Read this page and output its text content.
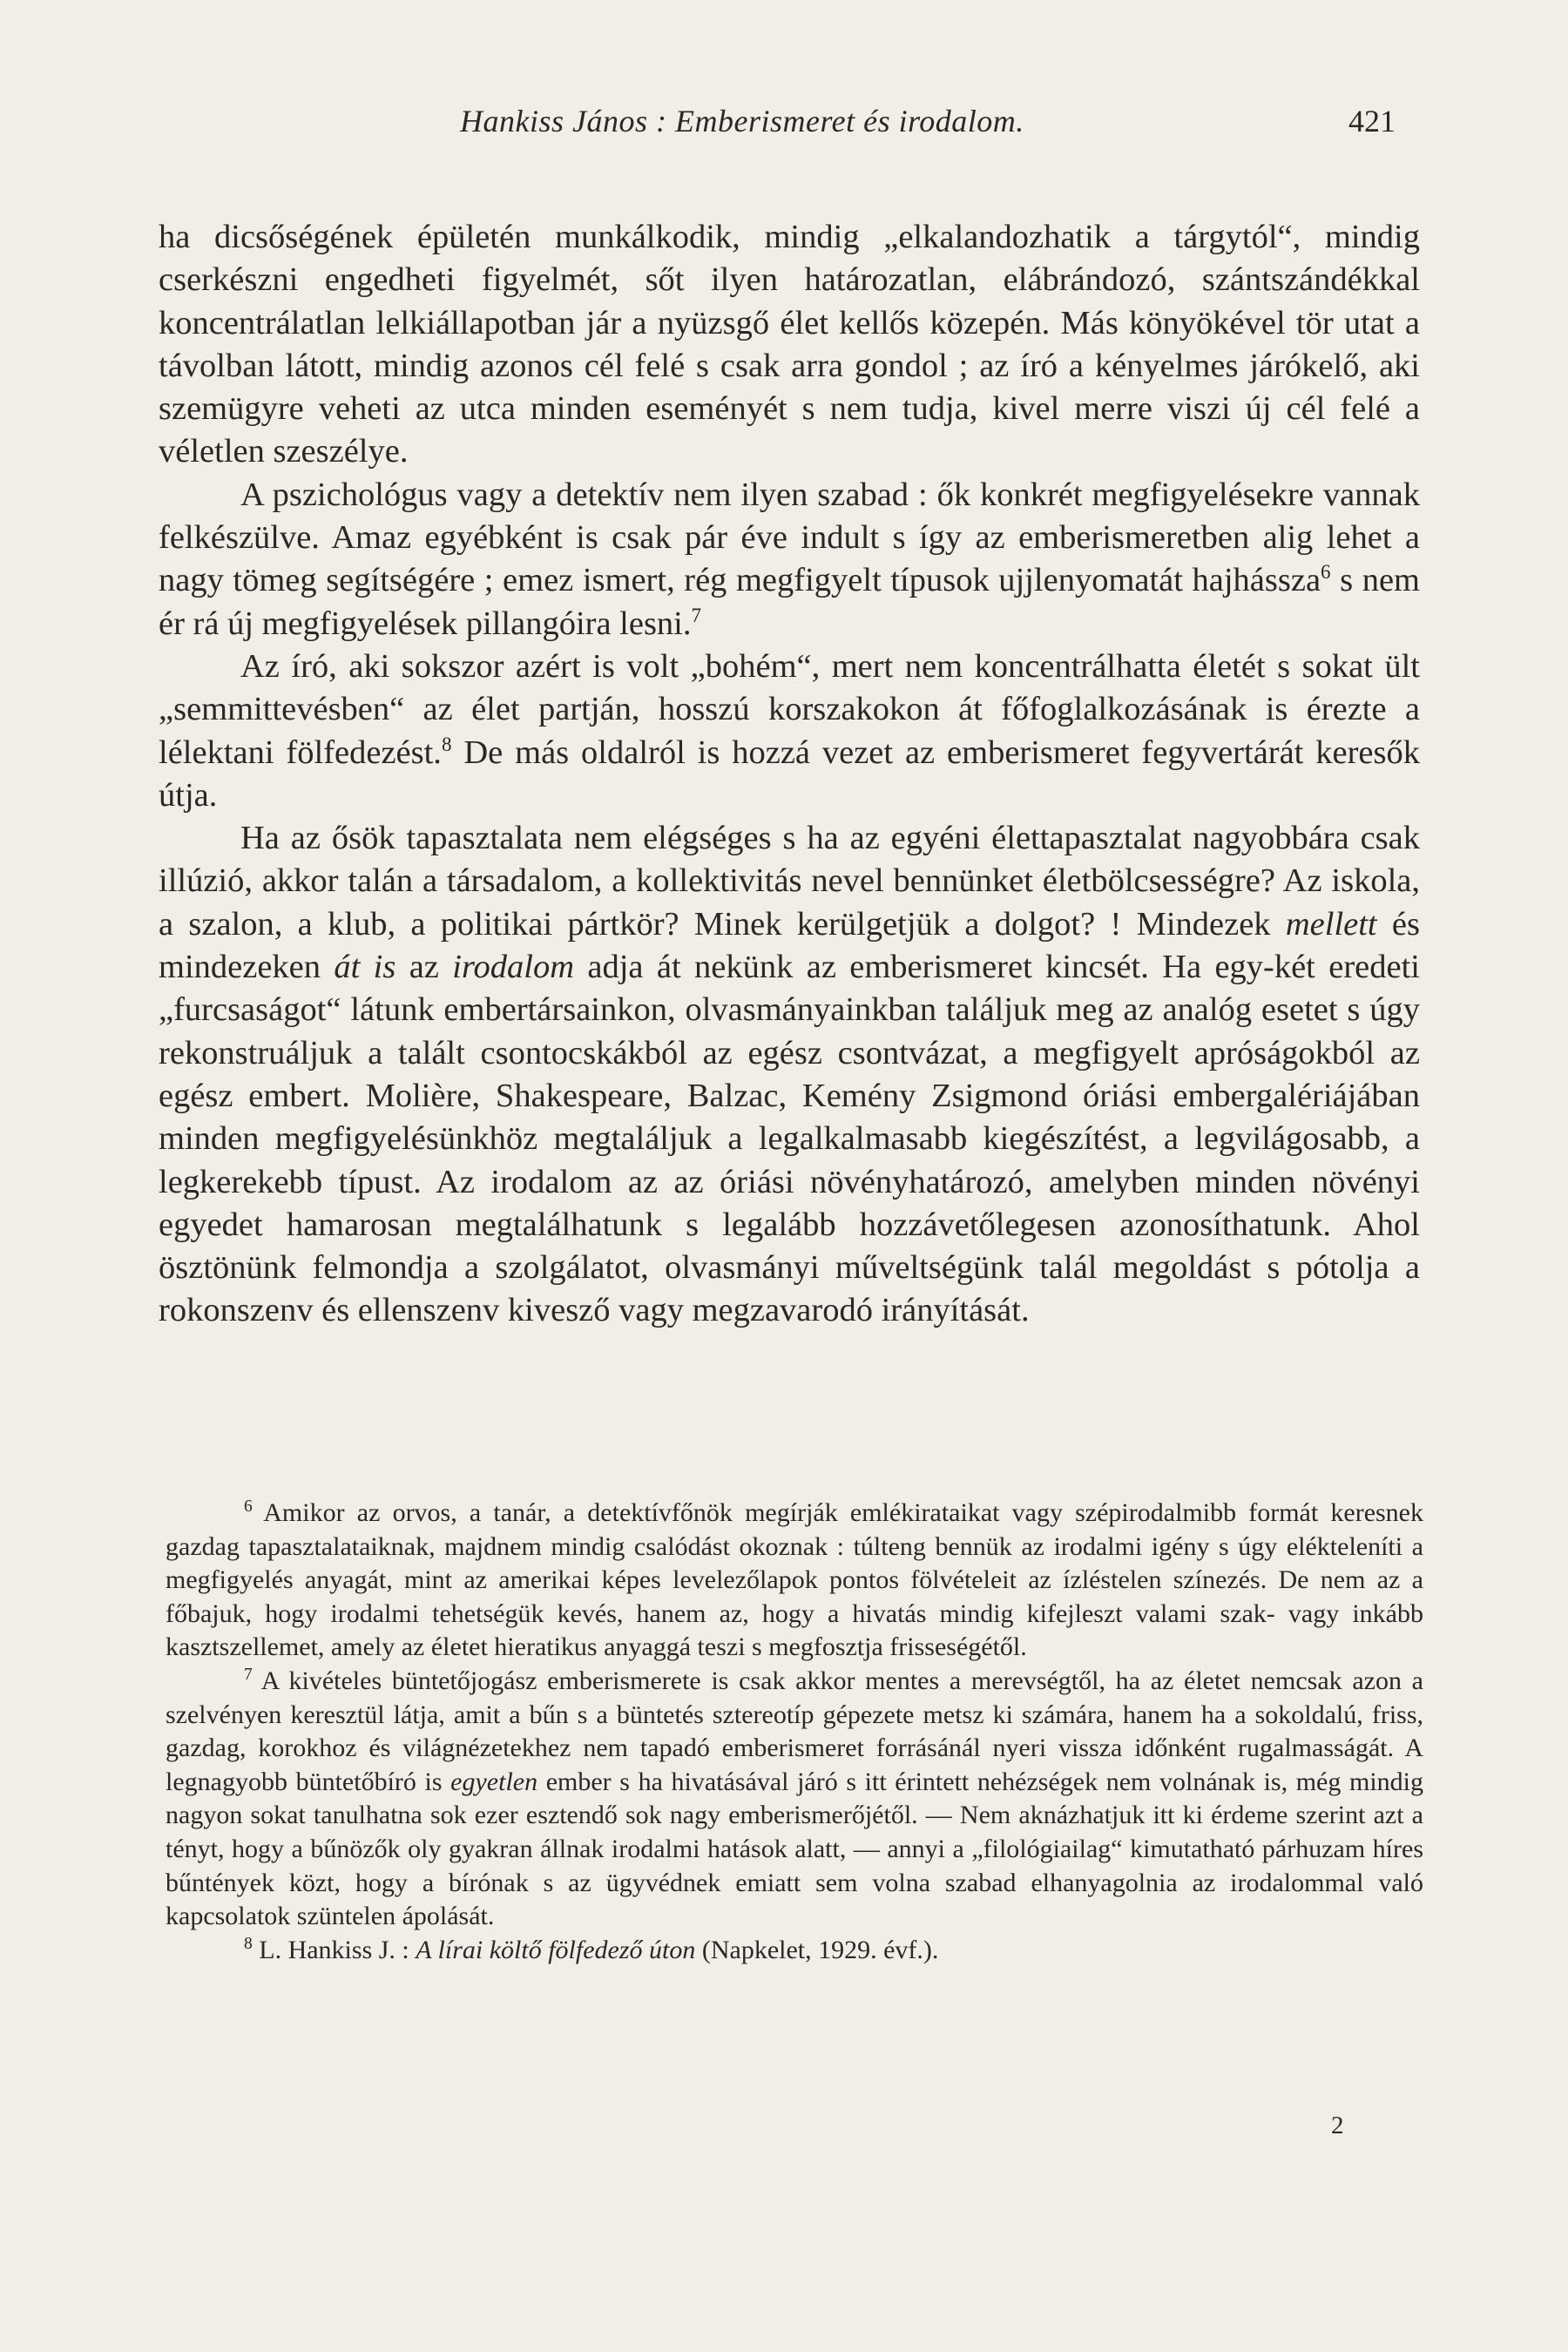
Hankiss János : Emberismeret és irodalom.	421

ha dicsőségének épületén munkálkodik, mindig „elkalandozhatik a tárgytól“, mindig cserkészni engedheti figyelmét, sőt ilyen határozatlan, elábrándozó, szántszándékkal koncentrálatlan lelkiállapotban jár a nyüzsgő élet kellős közepén. Más könyökével tör utat a távolban látott, mindig azonos cél felé s csak arra gondol ; az író a kényelmes járókelő, aki szemügyre veheti az utca minden eseményét s nem tudja, kivel merre viszi új cél felé a véletlen szeszélye.

A pszichológus vagy a detektív nem ilyen szabad : ők konkrét megfigyelésekre vannak felkészülve. Amaz egyébként is csak pár éve indult s így az emberismeretben alig lehet a nagy tömeg segítségére ; emez ismert, rég megfigyelt típusok ujjlenyomatát hajhássza$^6$ s nem ér rá új megfigyelések pillangóira lesni.$^7$

Az író, aki sokszor azért is volt „bohém“, mert nem koncentrálhatta életét s sokat ült „semmittevésben“ az élet partján, hosszú korszakokon át főfoglalkozásának is érezte a lélektani fölfedezést.$^8$ De más oldalról is hozzá vezet az emberismeret fegyvertárát keresők útja.

Ha az ősök tapasztalata nem elégséges s ha az egyéni élettapasztalat nagyobbára csak illúzió, akkor talán a társadalom, a kollektivitás nevel bennünket életbölcsességre? Az iskola, a szalon, a klub, a politikai pártkör? Minek kerülgetjük a dolgot? ! Mindezek mellett és mindezeken át is az irodalom adja át nekünk az emberismeret kincsét. Ha egy-két eredeti „furcsaságot“ látunk embertársainkon, olvasmányainkban találjuk meg az analóg esetet s úgy rekonstruáljuk a talált csontocskákból az egész csontvázat, a megfigyelt apróságokból az egész embert. Molière, Shakespeare, Balzac, Kemény Zsigmond óriási embergalériájában minden megfigyelésünkhöz megtaláljuk a legalkalmasabb kiegészítést, a legvilágosabb, a legkerekebb típust. Az irodalom az az óriási növényhatározó, amelyben minden növényi egyedet hamarosan megtalálhatunk s legalább hozzávetőlegesen azonosíthatunk. Ahol ösztönünk felmondja a szolgálatot, olvasmányi műveltségünk talál megoldást s pótolja a rokonszenv és ellenszenv kivesző vagy megzavarodó irányítását.

$^6$ Amikor az orvos, a tanár, a detektívfőnök megírják emlékirataikat vagy szépirodalmibb formát keresnek gazdag tapasztalataiknak, majdnem mindig csalódást okoznak : túlteng bennük az irodalmi igény s úgy elékteleníti a megfigyelés anyagát, mint az amerikai képes levelezőlapok pontos fölvételeit az ízléstelen színezés. De nem az a főbajuk, hogy irodalmi tehetségük kevés, hanem az, hogy a hivatás mindig kifejleszt valami szak- vagy inkább kasztszellemet, amely az életet hieratikus anyaggá teszi s megfosztja frisseségétől.

$^7$ A kivételes büntetőjogász emberismerete is csak akkor mentes a merevségtől, ha az életet nemcsak azon a szelvényen keresztül látja, amit a bűn s a büntetés sztereotíp gépezete metsz ki számára, hanem ha a sokoldalú, friss, gazdag, korokhoz és világnézetekhez nem tapadó emberismeret forrásánál nyeri vissza időnként rugalmasságát. A legnagyobb büntetőbíró is egyetlen ember s ha hivatásával járó s itt érintett nehézségek nem volnának is, még mindig nagyon sokat tanulhatna sok ezer esztendő sok nagy emberismerőjétől. — Nem aknázhatjuk itt ki érdeme szerint azt a tényt, hogy a bűnözők oly gyakran állnak irodalmi hatások alatt, — annyi a „filológiailag“ kimutatható párhuzam híres bűntények közt, hogy a bírónak s az ügyvédnek emiatt sem volna szabad elhanyagolnia az irodalommal való kapcsolatok szüntelen ápolását.

$^8$ L. Hankiss J. : A lírai költő fölfedező úton (Napkelet, 1929. évf.).

2
